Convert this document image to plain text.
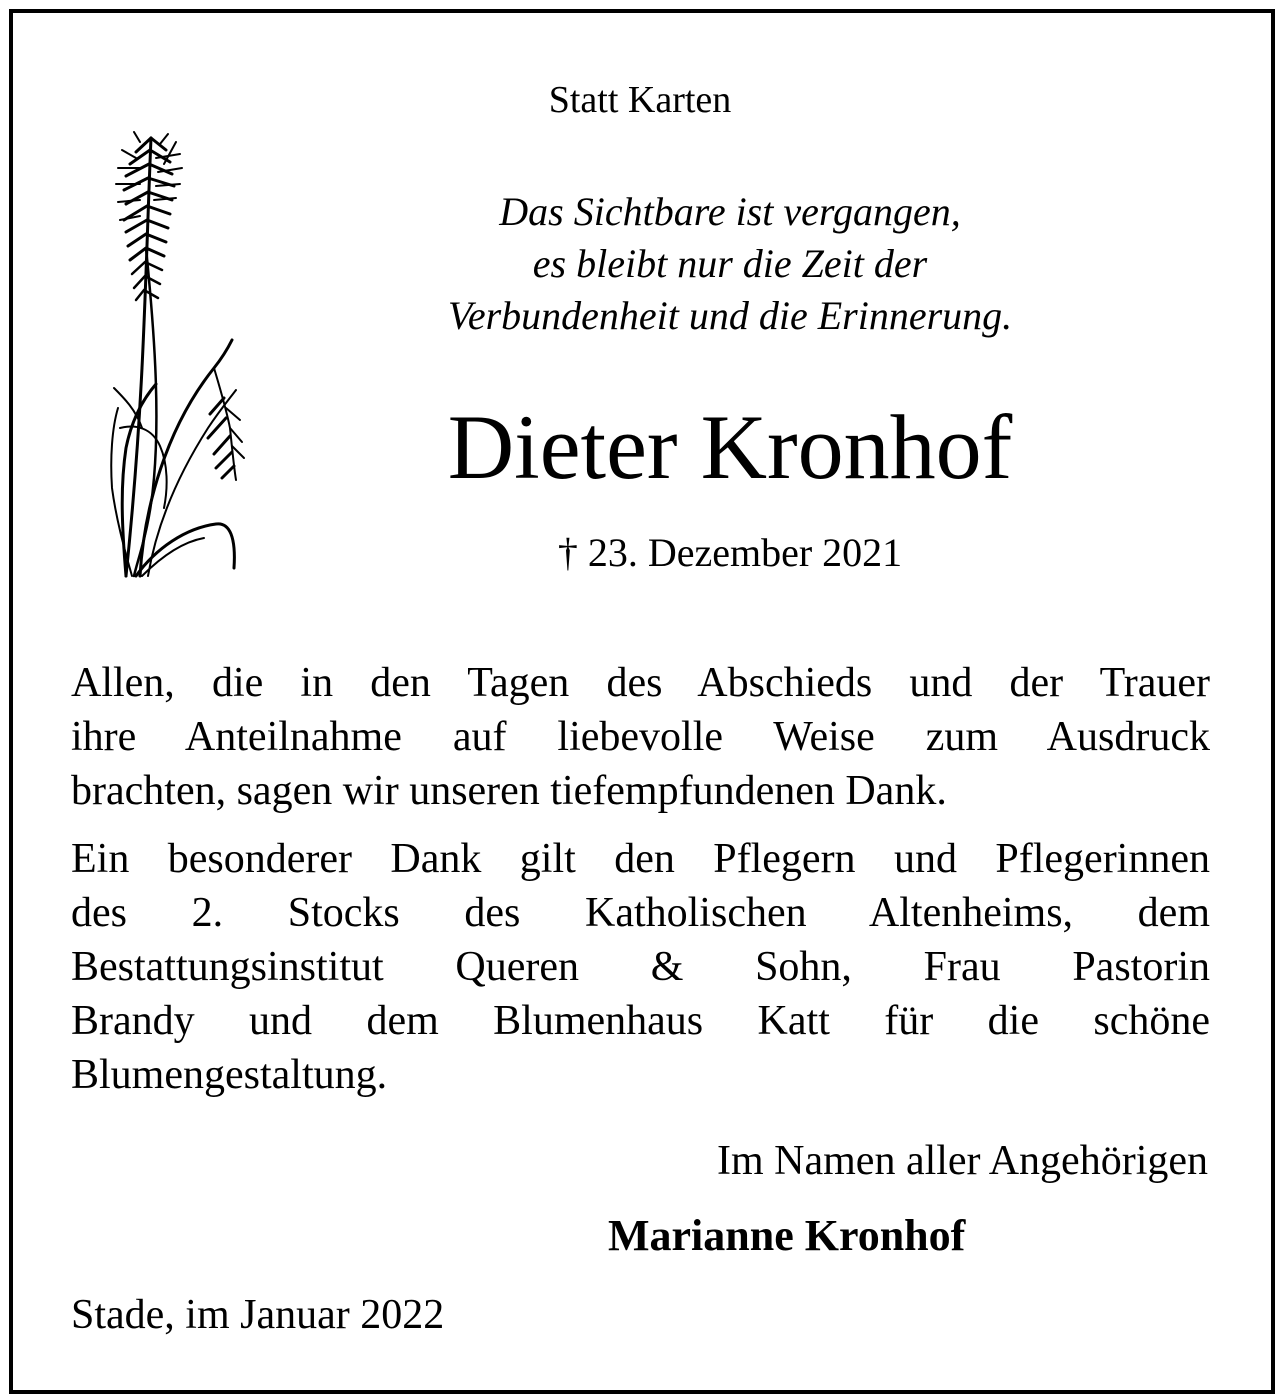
Statt Karten
Das Sichtbare ist vergangen,
es bleibt nur die Zeit der
Verbundenheit und die Erinnerung.
Dieter Kronhof
† 23. Dezember 2021
Allen, die in den Tagen des Abschieds und der Trauer
ihre Anteilnahme auf liebevolle Weise zum Ausdruck
brachten, sagen wir unseren tiefempfundenen Dank.
Ein besonderer Dank gilt den Pflegern und Pflegerinnen
des 2. Stocks des Katholischen Altenheims, dem
Bestattungsinstitut Queren & Sohn, Frau Pastorin
Brandy und dem Blumenhaus Katt für die schöne
Blumengestaltung.
Im Namen aller Angehörigen
Marianne Kronhof
Stade, im Januar 2022
